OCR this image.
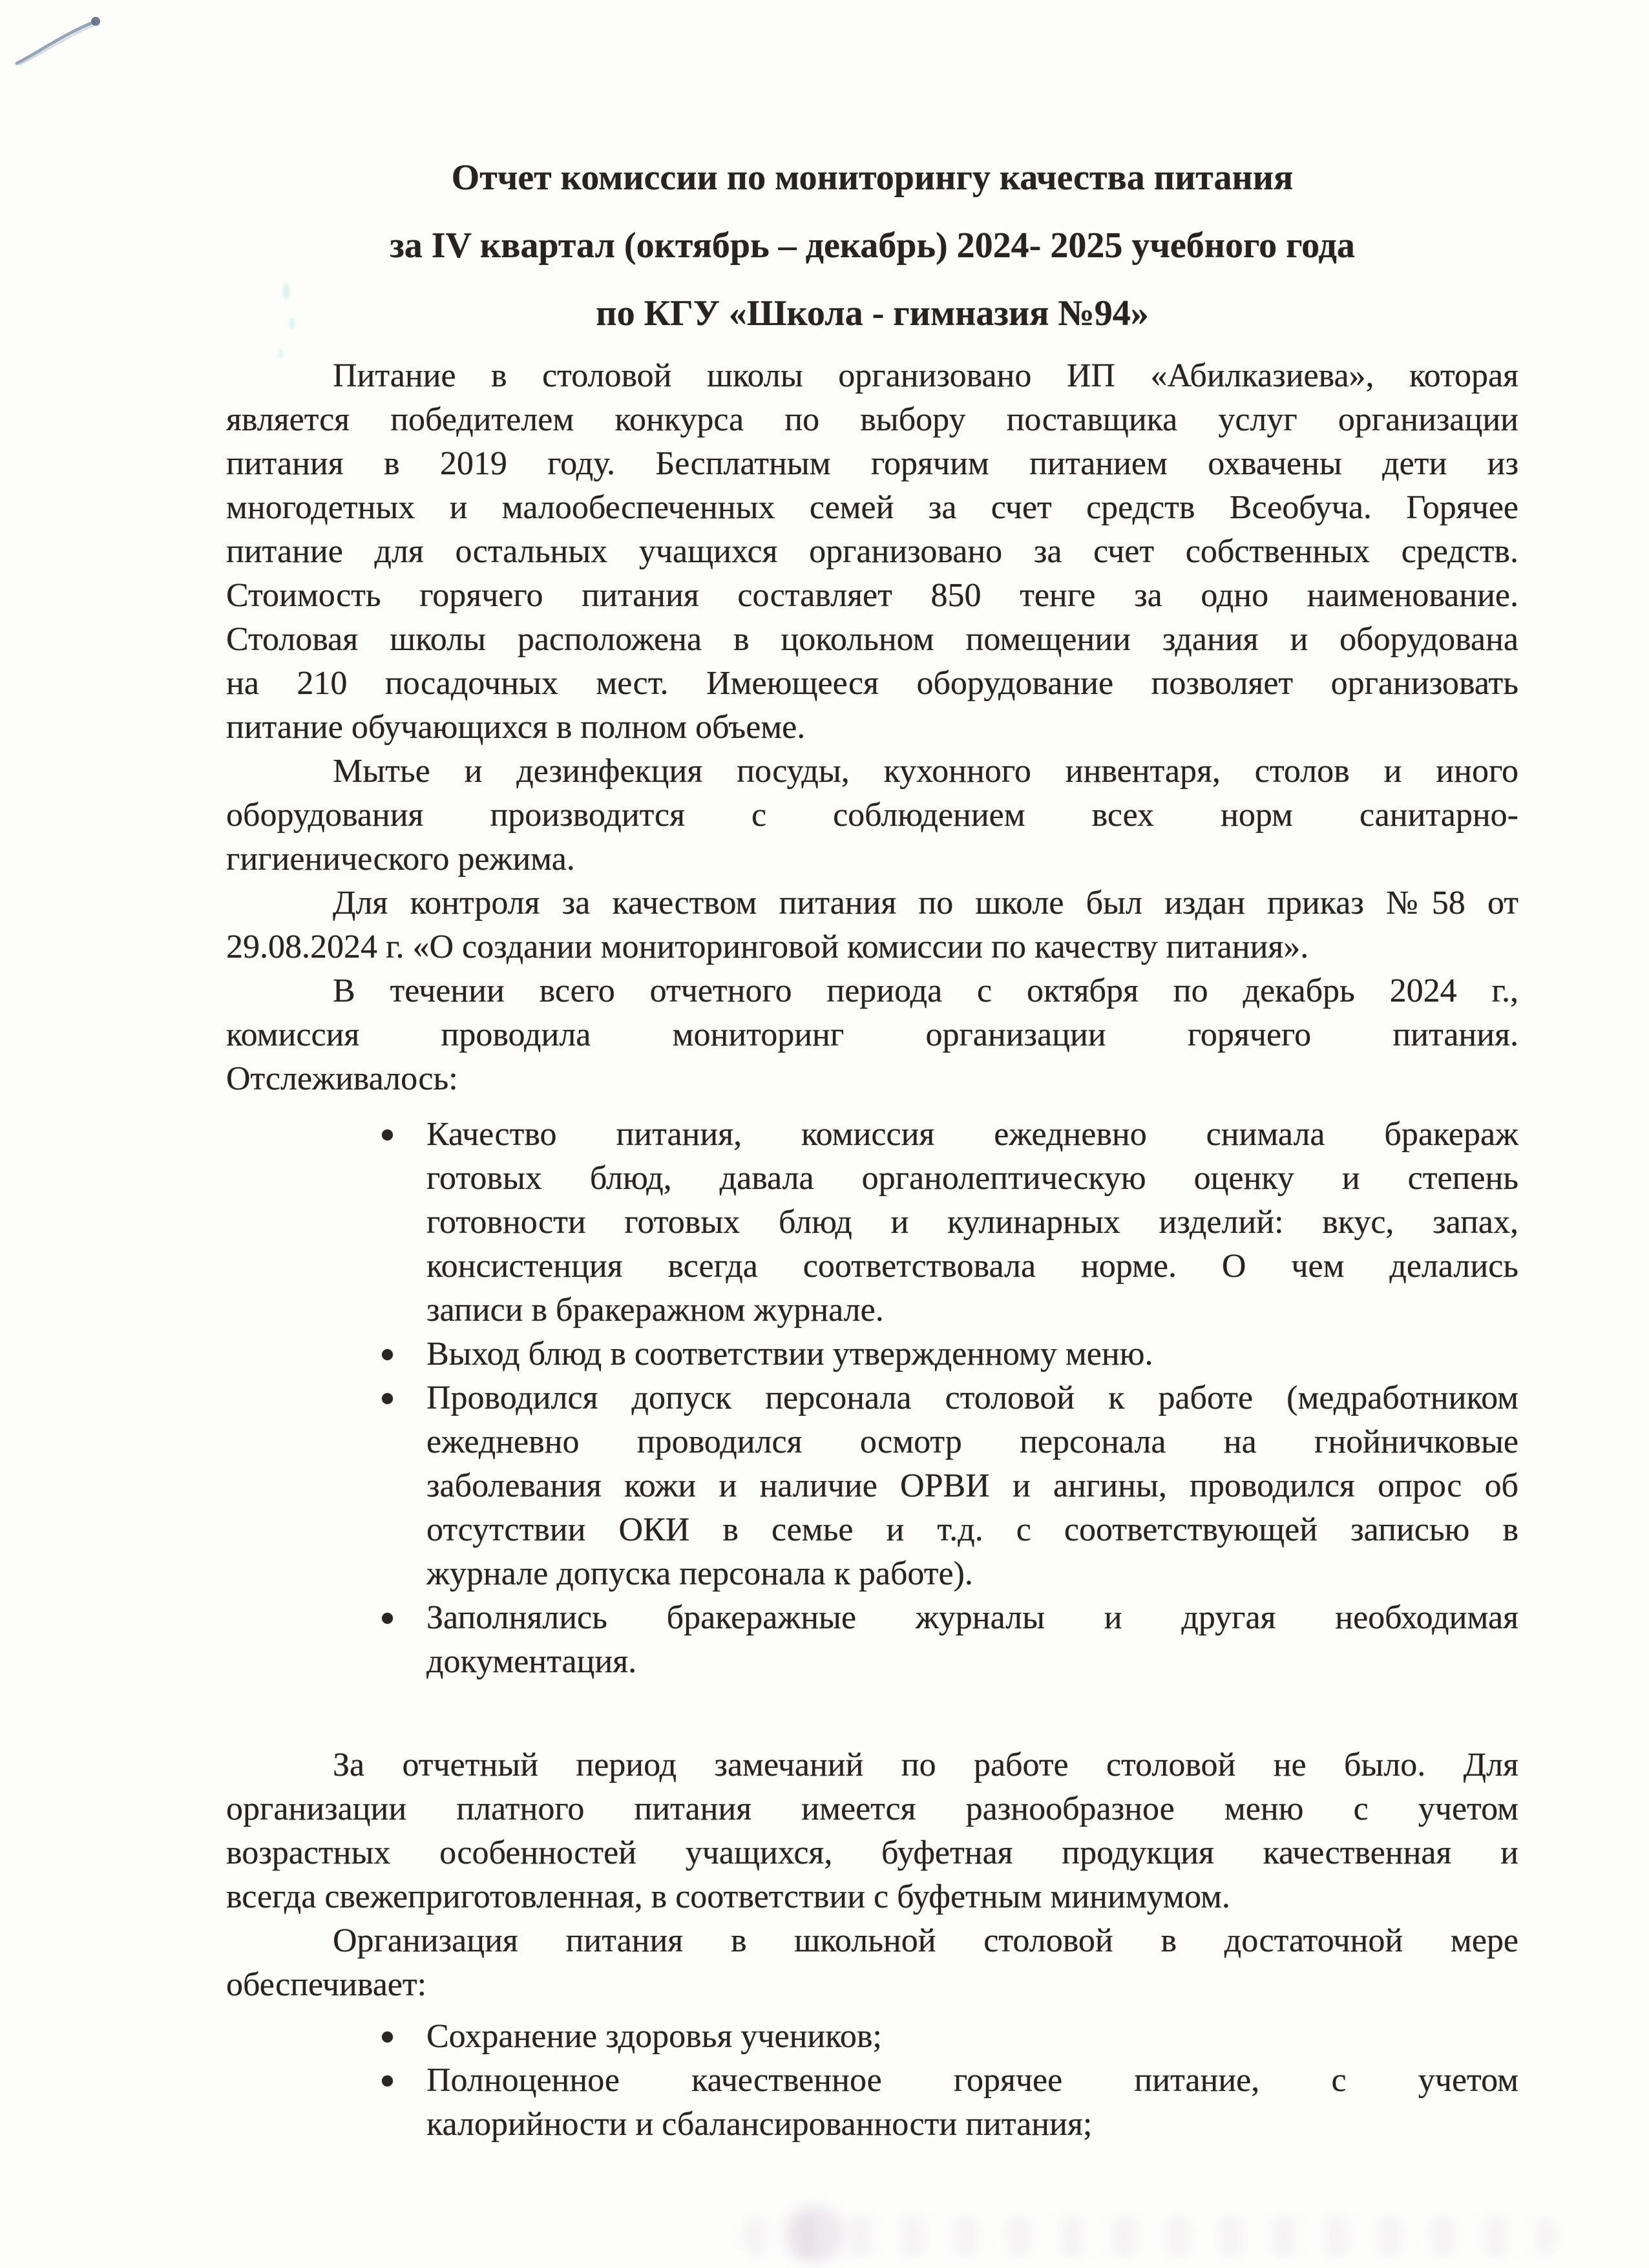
Отчет комиссии по мониторингу качества питания
за IV квартал (октябрь – декабрь) 2024- 2025 учебного года
по КГУ «Школа - гимназия №94»
Питание в столовой школы организовано ИП «Абилказиева», которая
является победителем конкурса по выбору поставщика услуг организации
питания в 2019 году. Бесплатным горячим питанием охвачены дети из
многодетных и малообеспеченных семей за счет средств Всеобуча. Горячее
питание для остальных учащихся организовано за счет собственных средств.
Стоимость горячего питания составляет 850 тенге за одно наименование.
Столовая школы расположена в цокольном помещении здания и оборудована
на 210 посадочных мест. Имеющееся оборудование позволяет организовать
питание обучающихся в полном объеме.
Мытье и дезинфекция посуды, кухонного инвентаря, столов и иного
оборудования производится с соблюдением всех норм санитарно-
гигиенического режима.
Для контроля за качеством питания по школе был издан приказ №58 от
29.08.2024 г. «О создании мониторинговой комиссии по качеству питания».
В течении всего отчетного периода с октября по декабрь 2024 г.,
комиссия проводила мониторинг организации горячего питания.
Отслеживалось:
Качество питания, комиссия ежедневно снимала бракераж
готовых блюд, давала органолептическую оценку и степень
готовности готовых блюд и кулинарных изделий: вкус, запах,
консистенция всегда соответствовала норме. О чем делались
записи в бракеражном журнале.
Выход блюд в соответствии утвержденному меню.
Проводился допуск персонала столовой к работе (медработником
ежедневно проводился осмотр персонала на гнойничковые
заболевания кожи и наличие ОРВИ и ангины, проводился опрос об
отсутствии ОКИ в семье и т.д. с соответствующей записью в
журнале допуска персонала к работе).
Заполнялись бракеражные журналы и другая необходимая
документация.
За отчетный период замечаний по работе столовой не было. Для
организации платного питания имеется разнообразное меню с учетом
возрастных особенностей учащихся, буфетная продукция качественная и
всегда свежеприготовленная, в соответствии с буфетным минимумом.
Организация питания в школьной столовой в достаточной мере
обеспечивает:
Сохранение здоровья учеников;
Полноценное качественное горячее питание, с учетом
калорийности и сбалансированности питания;
